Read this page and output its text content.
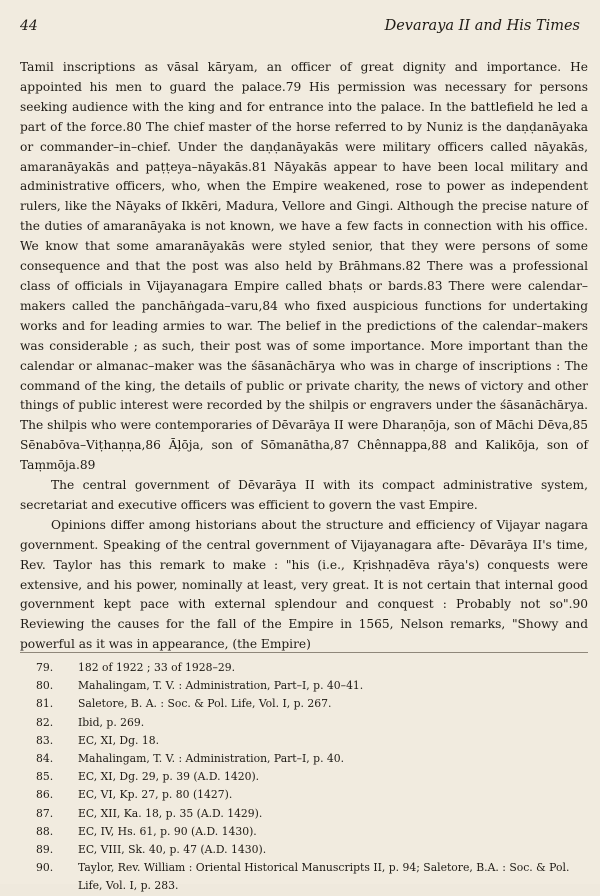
44	Devaraya II and His Times

Tamil inscriptions as vāsal kāryam, an officer of great dignity and importance. He appointed his men to guard the palace.79 His permission was necessary for persons seeking audience with the king and for entrance into the palace. In the battlefield he led a part of the force.80 The chief master of the horse referred to by Nuniz is the daṇḍanāyaka or commander–in–chief. Under the daṇḍanāyakās were military officers called nāyakās, amaranāyakās and paṭṭeya–nāyakās.81 Nāyakās appear to have been local military and administrative officers, who, when the Empire weakened, rose to power as independent rulers, like the Nāyaks of Ikkēri, Madura, Vellore and Gingi. Although the precise nature of the duties of amaranāyaka is not known, we have a few facts in connection with his office. We know that some amaranāyakās were styled senior, that they were persons of some consequence and that the post was also held by Brāhmans.82 There was a professional class of officials in Vijayanagara Empire called bhaṭs or bards.83 There were calendar–makers called the panchāṅgada–varu,84 who fixed auspicious functions for undertaking works and for leading armies to war. The belief in the predictions of the calendar–makers was considerable ; as such, their post was of some importance. More important than the calendar or almanac–maker was the śāsanāchārya who was in charge of inscriptions : The command of the king, the details of public or private charity, the news of victory and other things of public interest were recorded by the shilpis or engravers under the śāsanāchārya. The shilpis who were contemporaries of Dēvarāya II were Dharaṇōja, son of Māchi Dēva,85 Sēnabōva–Viṭhaṇṇa,86 Āļōja, son of Sōmanātha,87 Chênnappa,88 and Kalikōja, son of Taṃmōja.89

The central government of Dēvarāya II with its compact administrative system, secretariat and executive officers was efficient to govern the vast Empire.

Opinions differ among historians about the structure and efficiency of Vijayar nagara government. Speaking of the central government of Vijayanagara afte- Dēvarāya II's time, Rev. Taylor has this remark to make : "his (i.e., Kṛishṇadēva rāya's) conquests were extensive, and his power, nominally at least, very great. It is not certain that internal good government kept pace with external splendour and conquest : Probably not so".90 Reviewing the causes for the fall of the Empire in 1565, Nelson remarks, "Showy and powerful as it was in appearance, (the Empire)

79.	182 of 1922 ; 33 of 1928–29.
80.	Mahalingam, T. V. : Administration, Part–I, p. 40–41.
81.	Saletore, B. A. : Soc. & Pol. Life, Vol. I, p. 267.
82.	Ibid, p. 269.
83.	EC, XI, Dg. 18.
84.	Mahalingam, T. V. : Administration, Part–I, p. 40.
85.	EC, XI, Dg. 29, p. 39 (A.D. 1420).
86.	EC, VI, Kp. 27, p. 80 (1427).
87.	EC, XII, Ka. 18, p. 35 (A.D. 1429).
88.	EC, IV, Hs. 61, p. 90 (A.D. 1430).
89.	EC, VIII, Sk. 40, p. 47 (A.D. 1430).
90.	Taylor, Rev. William : Oriental Historical Manuscripts II, p. 94; Saletore, B.A. : Soc. & Pol. Life, Vol. I, p. 283.
